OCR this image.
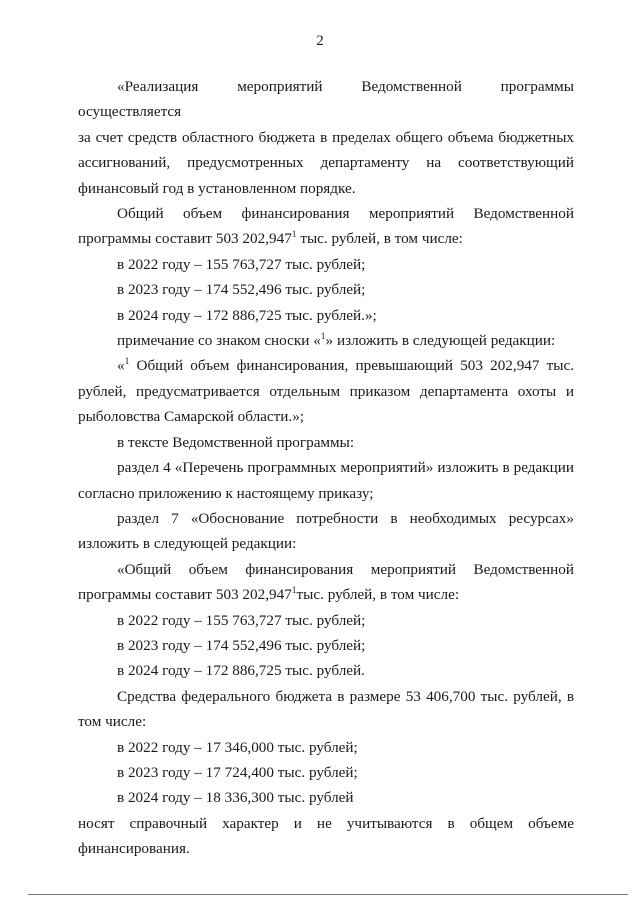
2
«Реализация мероприятий Ведомственной программы осуществляется
за счет средств областного бюджета в пределах общего объема бюджетных
ассигнований, предусмотренных департаменту на соответствующий
финансовый год в установленном порядке.
Общий объем финансирования мероприятий Ведомственной
программы составит 503 202,947$^1$ тыс. рублей, в том числе:
в 2022 году – 155 763,727 тыс. рублей;
в 2023 году – 174 552,496 тыс. рублей;
в 2024 году – 172 886,725 тыс. рублей.»;
примечание со знаком сноски «$^1$» изложить в следующей редакции:
«$^1$ Общий объем финансирования, превышающий 503 202,947 тыс.
рублей, предусматривается отдельным приказом департамента охоты и
рыболовства Самарской области.»;
в тексте Ведомственной программы:
раздел 4 «Перечень программных мероприятий» изложить в редакции
согласно приложению к настоящему приказу;
раздел 7 «Обоснование потребности в необходимых ресурсах»
изложить в следующей редакции:
«Общий объем финансирования мероприятий Ведомственной
программы составит 503 202,947$^1$тыс. рублей, в том числе:
в 2022 году – 155 763,727 тыс. рублей;
в 2023 году – 174 552,496 тыс. рублей;
в 2024 году – 172 886,725 тыс. рублей.
Средства федерального бюджета в размере 53 406,700 тыс. рублей, в
том числе:
в 2022 году – 17 346,000 тыс. рублей;
в 2023 году – 17 724,400 тыс. рублей;
в 2024 году – 18 336,300 тыс. рублей
носят справочный характер и не учитываются в общем объеме
финансирования.
